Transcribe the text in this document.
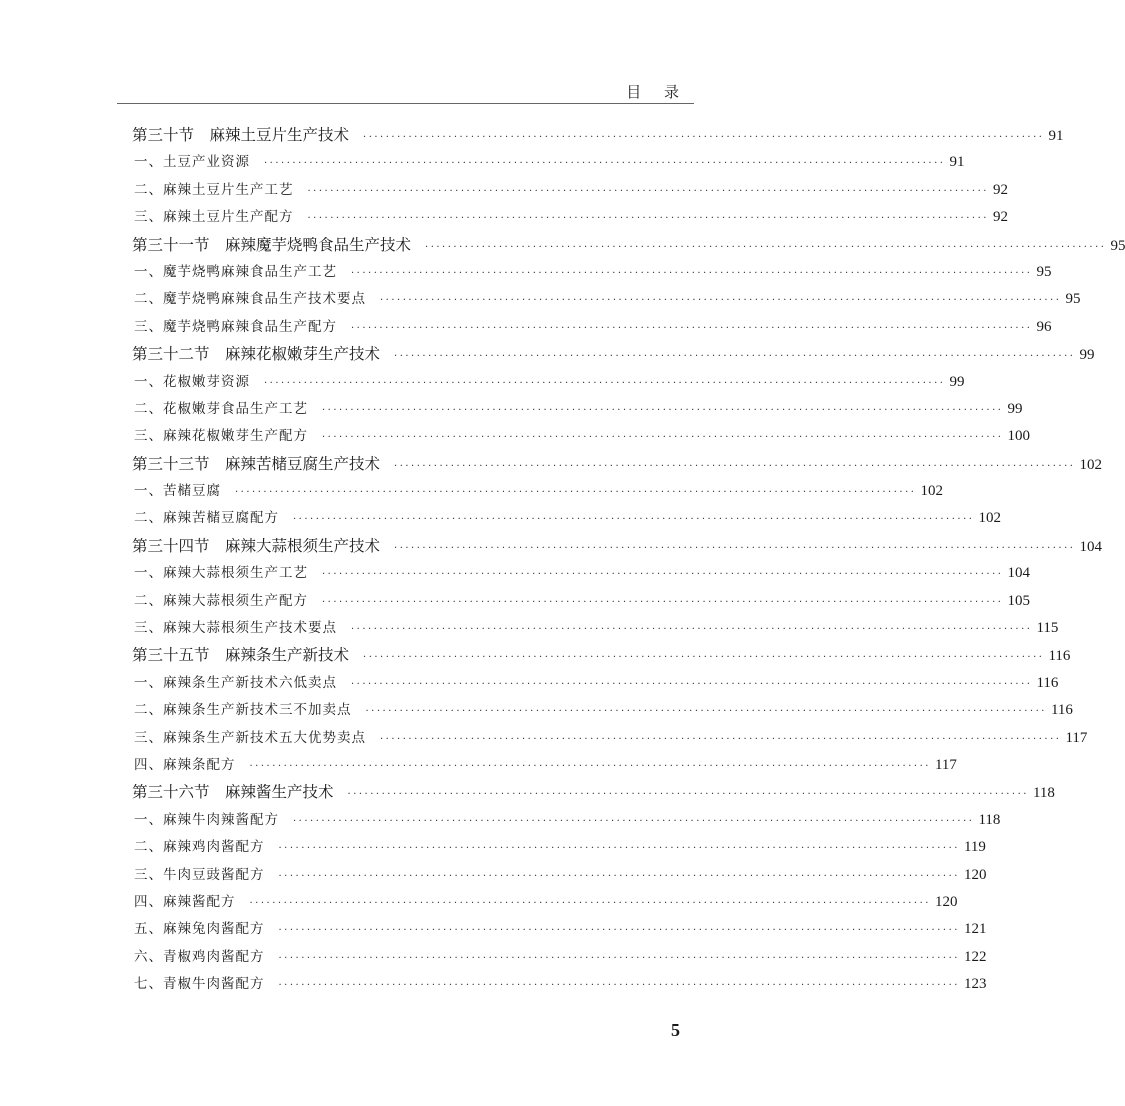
目 录
第三十节　麻辣土豆片生产技术	························································································································ 91
一、土豆产业资源	························································································································ 91
二、麻辣土豆片生产工艺	························································································································ 92
三、麻辣土豆片生产配方	························································································································ 92
第三十一节　麻辣魔芋烧鸭食品生产技术	························································································································ 95
一、魔芋烧鸭麻辣食品生产工艺	························································································································ 95
二、魔芋烧鸭麻辣食品生产技术要点	························································································································ 95
三、魔芋烧鸭麻辣食品生产配方	························································································································ 96
第三十二节　麻辣花椒嫩芽生产技术	························································································································ 99
一、花椒嫩芽资源	························································································································ 99
二、花椒嫩芽食品生产工艺	························································································································ 99
三、麻辣花椒嫩芽生产配方	························································································································ 100
第三十三节　麻辣苦槠豆腐生产技术	························································································································ 102
一、苦槠豆腐	························································································································ 102
二、麻辣苦槠豆腐配方	························································································································ 102
第三十四节　麻辣大蒜根须生产技术	························································································································ 104
一、麻辣大蒜根须生产工艺	························································································································ 104
二、麻辣大蒜根须生产配方	························································································································ 105
三、麻辣大蒜根须生产技术要点	························································································································ 115
第三十五节　麻辣条生产新技术	························································································································ 116
一、麻辣条生产新技术六低卖点	························································································································ 116
二、麻辣条生产新技术三不加卖点	························································································································ 116
三、麻辣条生产新技术五大优势卖点	························································································································ 117
四、麻辣条配方	························································································································ 117
第三十六节　麻辣酱生产技术	························································································································ 118
一、麻辣牛肉辣酱配方	························································································································ 118
二、麻辣鸡肉酱配方	························································································································ 119
三、牛肉豆豉酱配方	························································································································ 120
四、麻辣酱配方	························································································································ 120
五、麻辣兔肉酱配方	························································································································ 121
六、青椒鸡肉酱配方	························································································································ 122
七、青椒牛肉酱配方	························································································································ 123
5
